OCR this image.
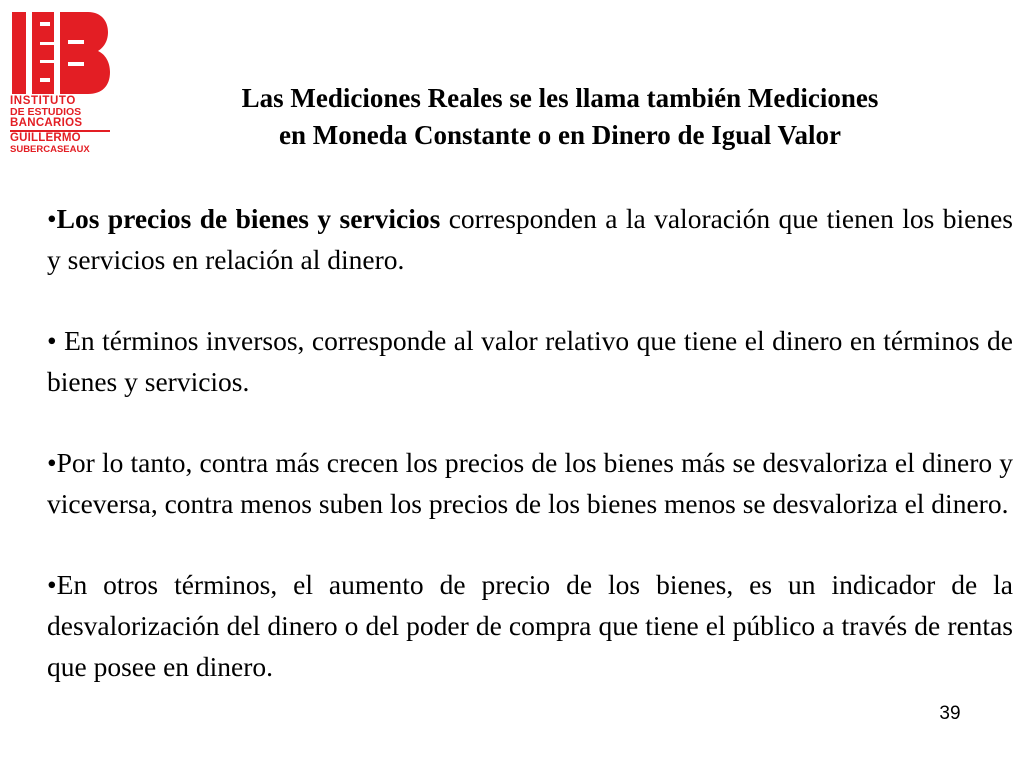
INSTITUTO
DE ESTUDIOS
BANCARIOS
GUILLERMO
SUBERCASEAUX
Las Mediciones Reales se les llama también Mediciones
en Moneda Constante o en Dinero de Igual Valor

•Los precios de bienes y servicios corresponden a la valoración que tienen los bienes y servicios en relación al dinero.

• En términos inversos, corresponde al valor relativo que tiene el dinero en términos de bienes y servicios.

•Por lo tanto, contra más crecen los precios de los bienes más se desvaloriza el dinero y viceversa, contra menos suben los precios de los bienes menos se desvaloriza el dinero.

•En otros términos, el aumento de precio de los bienes, es un indicador de la desvalorización del dinero o del poder de compra que tiene el público a través de rentas que posee en dinero.

39
